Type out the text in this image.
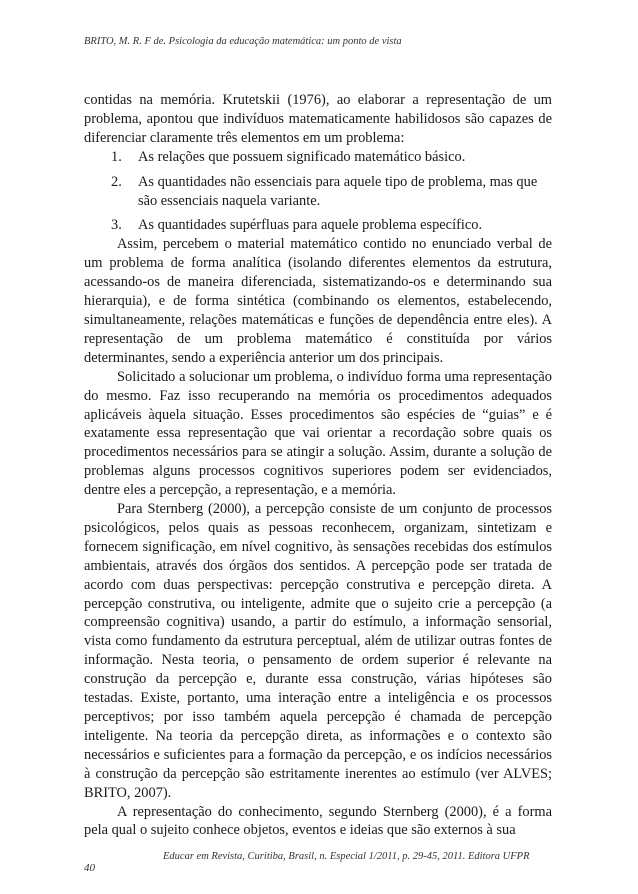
BRITO, M. R. F de. Psicologia da educação matemática: um ponto de vista

contidas na memória. Krutetskii (1976), ao elaborar a representação de um problema, apontou que indivíduos matematicamente habilidosos são capazes de diferenciar claramente três elementos em um problema:

1. As relações que possuem significado matemático básico.
2. As quantidades não essenciais para aquele tipo de problema, mas que são essenciais naquela variante.
3. As quantidades supérfluas para aquele problema específico.

Assim, percebem o material matemático contido no enunciado verbal de um problema de forma analítica (isolando diferentes elementos da estrutura, acessando-os de maneira diferenciada, sistematizando-os e determinando sua hierarquia), e de forma sintética (combinando os elementos, estabelecendo, simultaneamente, relações matemáticas e funções de dependência entre eles). A representação de um problema matemático é constituída por vários determinantes, sendo a experiência anterior um dos principais.

Solicitado a solucionar um problema, o indivíduo forma uma representação do mesmo. Faz isso recuperando na memória os procedimentos adequados aplicáveis àquela situação. Esses procedimentos são espécies de “guias” e é exatamente essa representação que vai orientar a recordação sobre quais os procedimentos necessários para se atingir a solução. Assim, durante a solução de problemas alguns processos cognitivos superiores podem ser evidenciados, dentre eles a percepção, a representação, e a memória.

Para Sternberg (2000), a percepção consiste de um conjunto de processos psicológicos, pelos quais as pessoas reconhecem, organizam, sintetizam e fornecem significação, em nível cognitivo, às sensações recebidas dos estímulos ambientais, através dos órgãos dos sentidos. A percepção pode ser tratada de acordo com duas perspectivas: percepção construtiva e percepção direta. A percepção construtiva, ou inteligente, admite que o sujeito crie a percepção (a compreensão cognitiva) usando, a partir do estímulo, a informação sensorial, vista como fundamento da estrutura perceptual, além de utilizar outras fontes de informação. Nesta teoria, o pensamento de ordem superior é relevante na construção da percepção e, durante essa construção, várias hipóteses são testadas. Existe, portanto, uma interação entre a inteligência e os processos perceptivos; por isso também aquela percepção é chamada de percepção inteligente. Na teoria da percepção direta, as informações e o contexto são necessários e suficientes para a formação da percepção, e os indícios necessários à construção da percepção são estritamente inerentes ao estímulo (ver ALVES; BRITO, 2007).

A representação do conhecimento, segundo Sternberg (2000), é a forma pela qual o sujeito conhece objetos, eventos e ideias que são externos à sua

Educar em Revista, Curitiba, Brasil, n. Especial 1/2011, p. 29-45, 2011. Editora UFPR
40
